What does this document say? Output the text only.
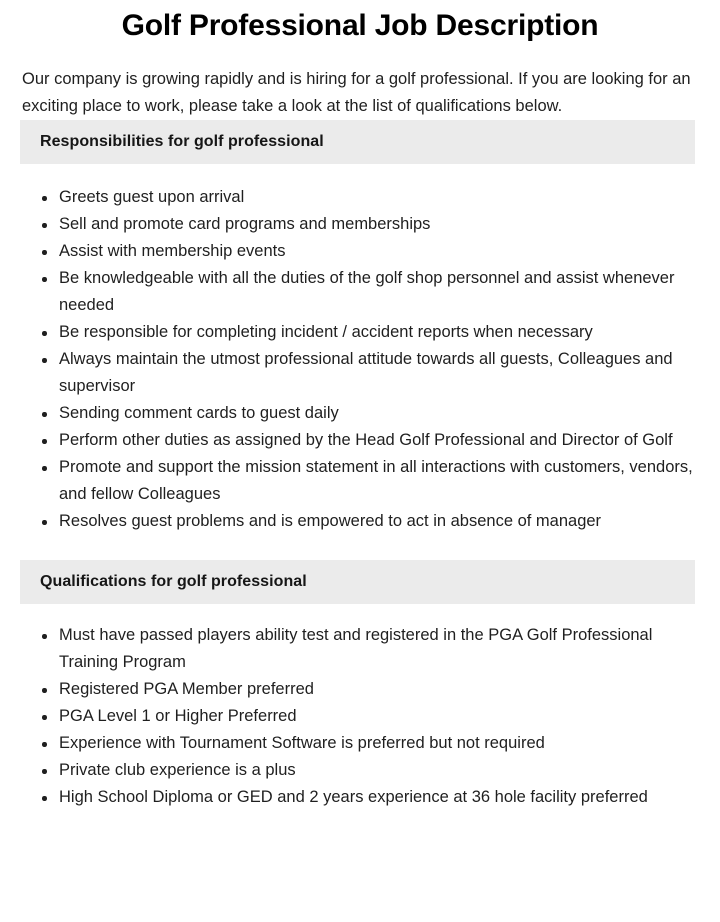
Golf Professional Job Description

Our company is growing rapidly and is hiring for a golf professional. If you are looking for an exciting place to work, please take a look at the list of qualifications below.

Responsibilities for golf professional
Greets guest upon arrival
Sell and promote card programs and memberships
Assist with membership events
Be knowledgeable with all the duties of the golf shop personnel and assist whenever needed
Be responsible for completing incident / accident reports when necessary
Always maintain the utmost professional attitude towards all guests, Colleagues and supervisor
Sending comment cards to guest daily
Perform other duties as assigned by the Head Golf Professional and Director of Golf
Promote and support the mission statement in all interactions with customers, vendors, and fellow Colleagues
Resolves guest problems and is empowered to act in absence of manager
Qualifications for golf professional
Must have passed players ability test and registered in the PGA Golf Professional Training Program
Registered PGA Member preferred
PGA Level 1 or Higher Preferred
Experience with Tournament Software is preferred but not required
Private club experience is a plus
High School Diploma or GED and 2 years experience at 36 hole facility preferred
